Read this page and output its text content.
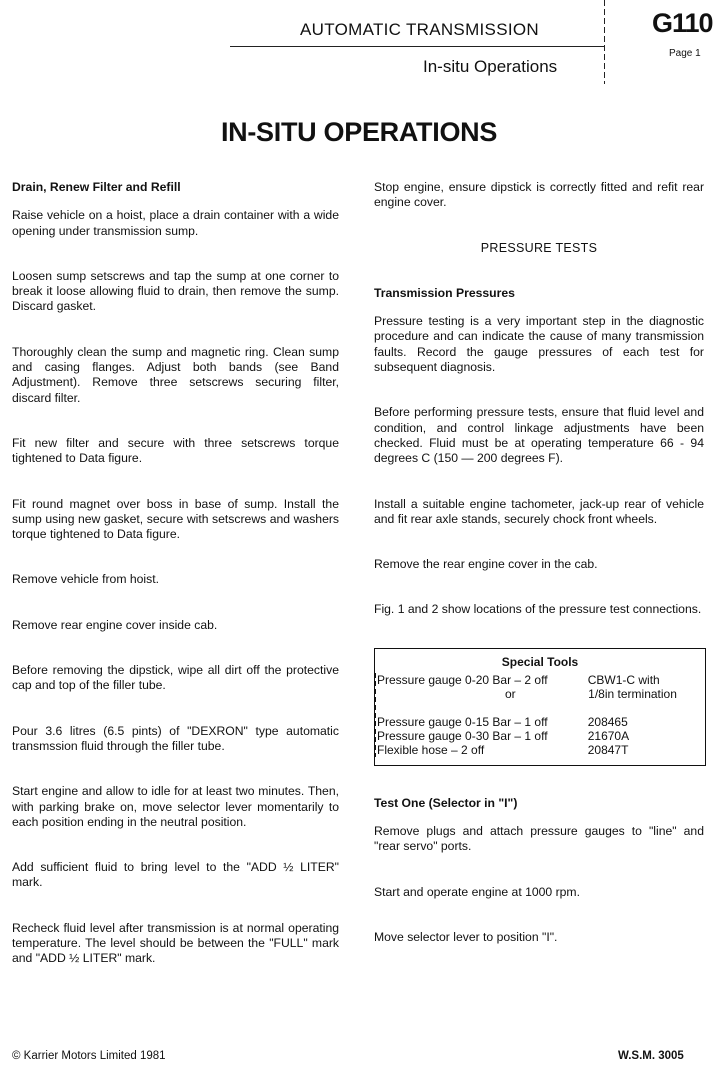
AUTOMATIC TRANSMISSION
In-situ Operations
G110
Page 1
IN-SITU OPERATIONS
Drain, Renew Filter and Refill

Raise vehicle on a hoist, place a drain container with a wide opening under transmission sump.

Loosen sump setscrews and tap the sump at one corner to break it loose allowing fluid to drain, then remove the sump. Discard gasket.

Thoroughly clean the sump and magnetic ring. Clean sump and casing flanges. Adjust both bands (see Band Adjustment). Remove three setscrews securing filter, discard filter.

Fit new filter and secure with three setscrews torque tightened to Data figure.

Fit round magnet over boss in base of sump. Install the sump using new gasket, secure with setscrews and washers torque tightened to Data figure.

Remove vehicle from hoist.

Remove rear engine cover inside cab.

Before removing the dipstick, wipe all dirt off the protective cap and top of the filler tube.

Pour 3.6 litres (6.5 pints) of "DEXRON" type automatic transmssion fluid through the filler tube.

Start engine and allow to idle for at least two minutes. Then, with parking brake on, move selector lever momentarily to each position ending in the neutral position.

Add sufficient fluid to bring level to the "ADD ½ LITER" mark.

Recheck fluid level after transmission is at normal operating temperature. The level should be between the "FULL" mark and "ADD ½ LITER" mark.

Stop engine, ensure dipstick is correctly fitted and refit rear engine cover.

PRESSURE TESTS
Transmission Pressures

Pressure testing is a very important step in the diagnostic procedure and can indicate the cause of many transmission faults. Record the gauge pressures of each test for subsequent diagnosis.

Before performing pressure tests, ensure that fluid level and condition, and control linkage adjustments have been checked. Fluid must be at operating temperature 66 - 94 degrees C (150 — 200 degrees F).

Install a suitable engine tachometer, jack-up rear of vehicle and fit rear axle stands, securely chock front wheels.

Remove the rear engine cover in the cab.

Fig. 1 and 2 show locations of the pressure test connections.

Special Tools
Pressure gauge 0-20 Bar – 2 off	CBW1-C with
or	1/8in termination
Pressure gauge 0-15 Bar – 1 off	208465
Pressure gauge 0-30 Bar – 1 off	21670A
Flexible hose – 2 off	20847T
Test One (Selector in "I")

Remove plugs and attach pressure gauges to "line" and "rear servo" ports.

Start and operate engine at 1000 rpm.

Move selector lever to position "I".

© Karrier Motors Limited 1981	W.S.M. 3005
